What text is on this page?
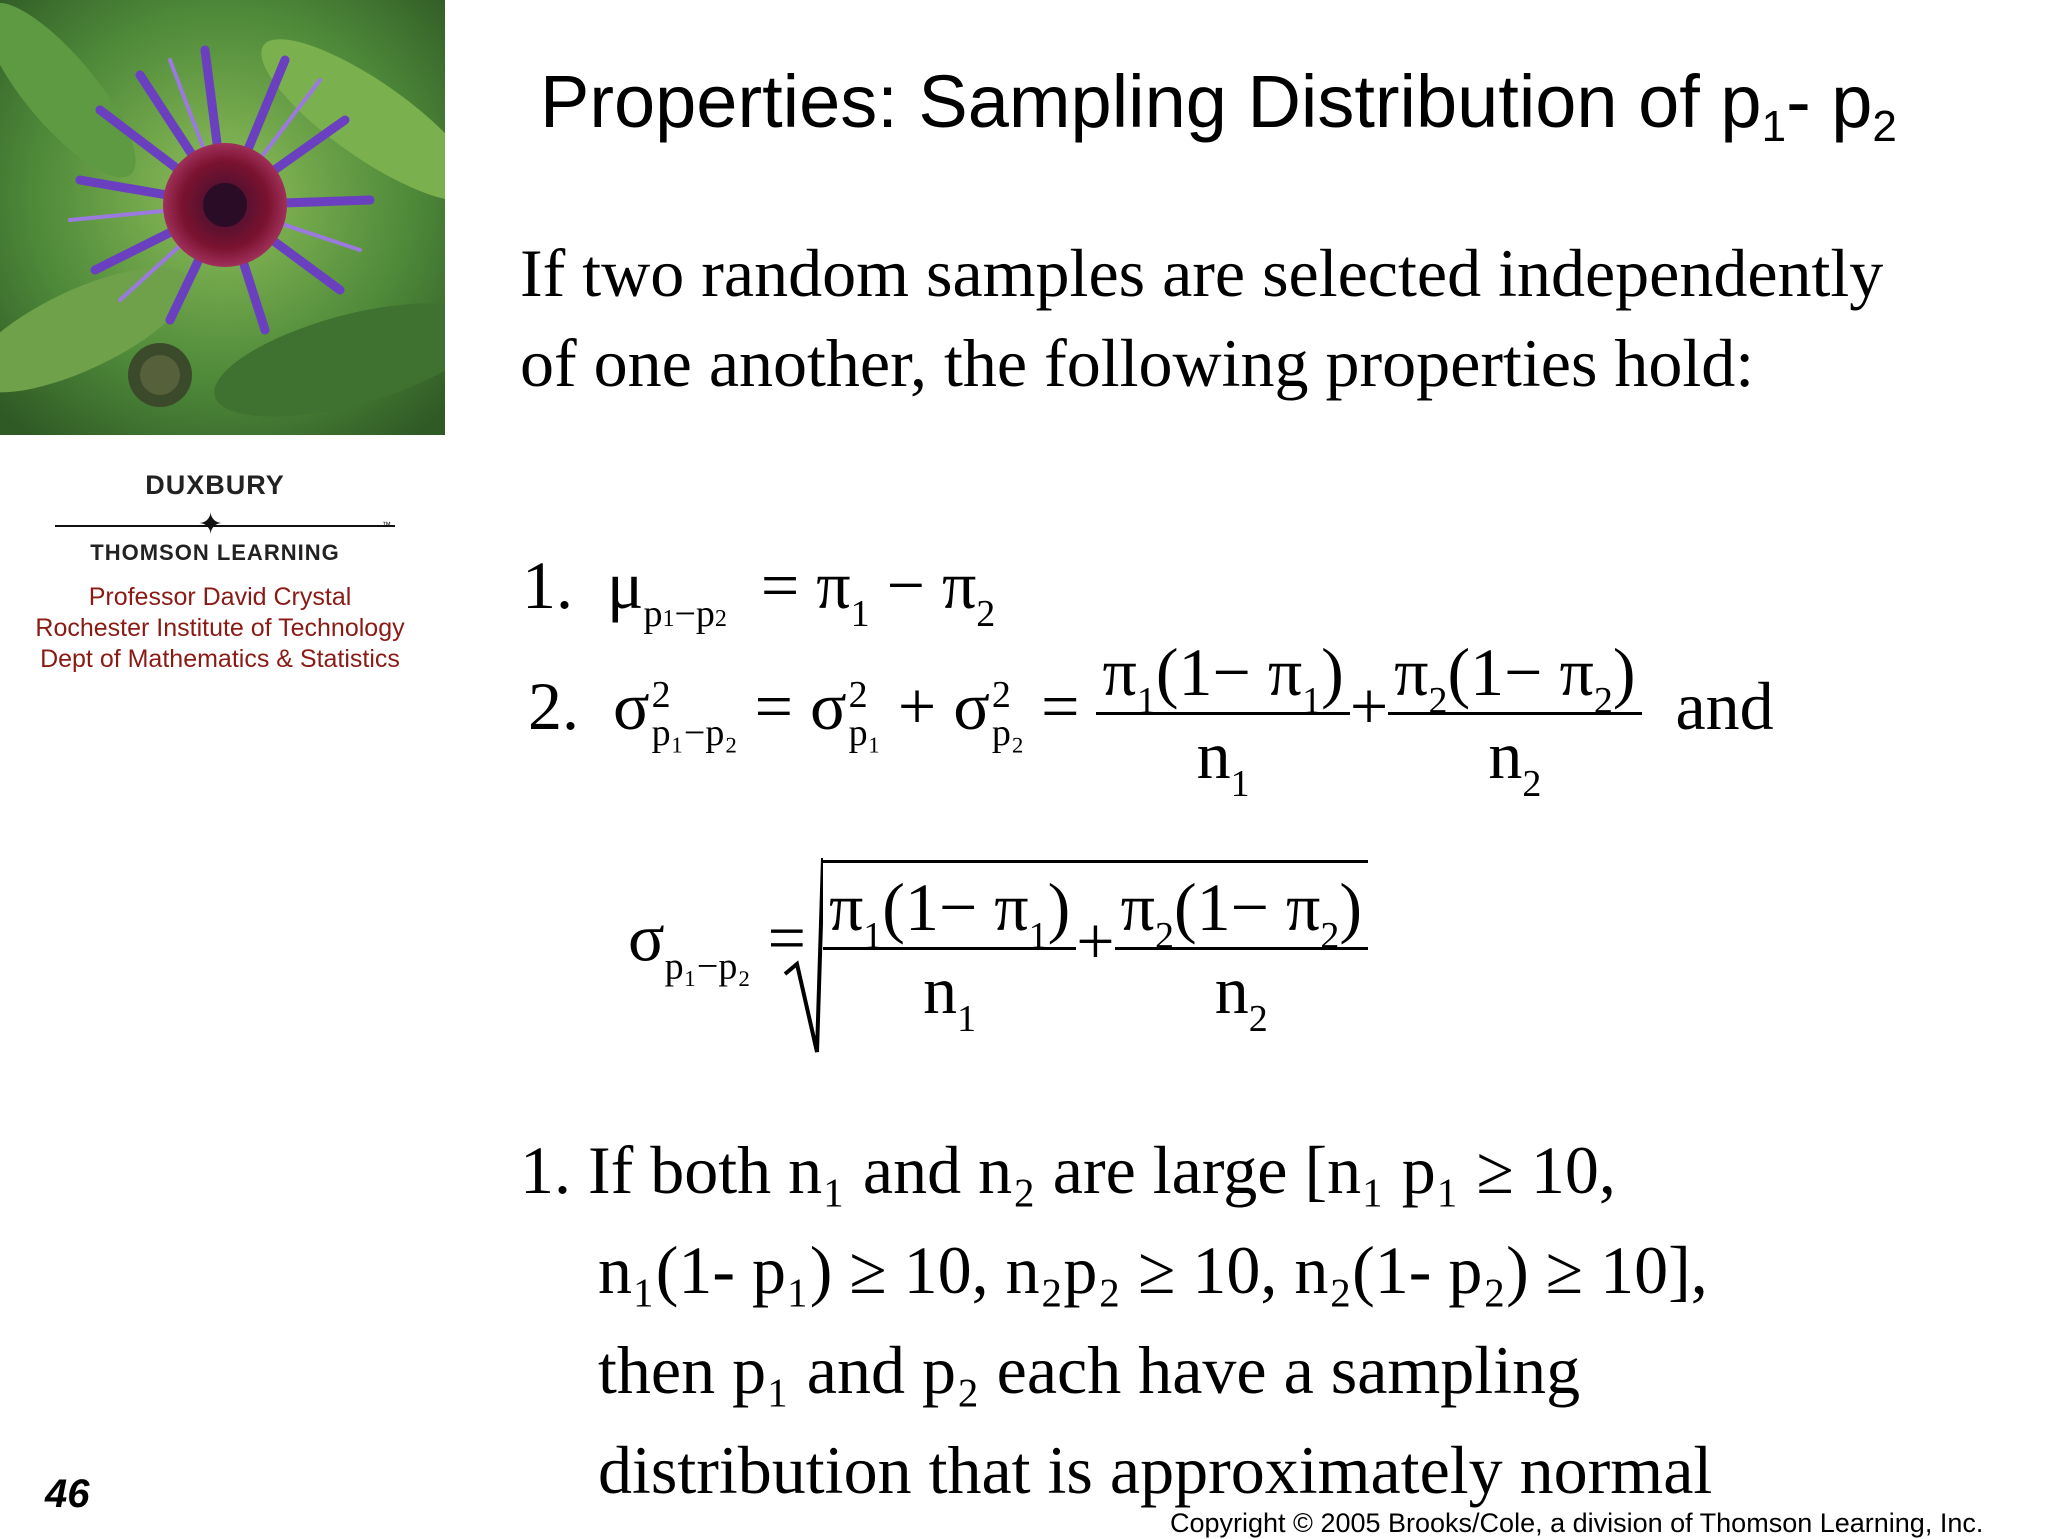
DUXBURY
✦	™
THOMSON LEARNING
Professor David Crystal
Rochester Institute of Technology
Dept of Mathematics & Statistics
Properties: Sampling Distribution of $p_1-$ $p_2$
If two random samples are selected independently of one another, the following properties hold:
1.  $\mu_{p1-p2} = \pi_1 - \pi_2$
2.  σ 2
p₁−p₂ = σ 2
p₁ + σ 2
$p_2 = \frac{\pi_1(1- \pi_1)}{n_1} + \frac{\pi_2(1- \pi_2)}{n_2}$ and
$\sigma_{p_1-p_2} = \frac{\pi_1(1- \pi_1)}{n_1} + \frac{\pi_2(1- \pi_2)}{n_2}$
1. If both n₁ and n₂ are large [n₁ p₁ ≥ 10,
n₁(1- p₁) ≥ 10, n₂p₂ ≥ 10, n₂(1- p₂) ≥ 10],
then p₁ and p₂ each have a sampling
distribution that is approximately normal
46
Copyright © 2005 Brooks/Cole, a division of Thomson Learning, Inc.
